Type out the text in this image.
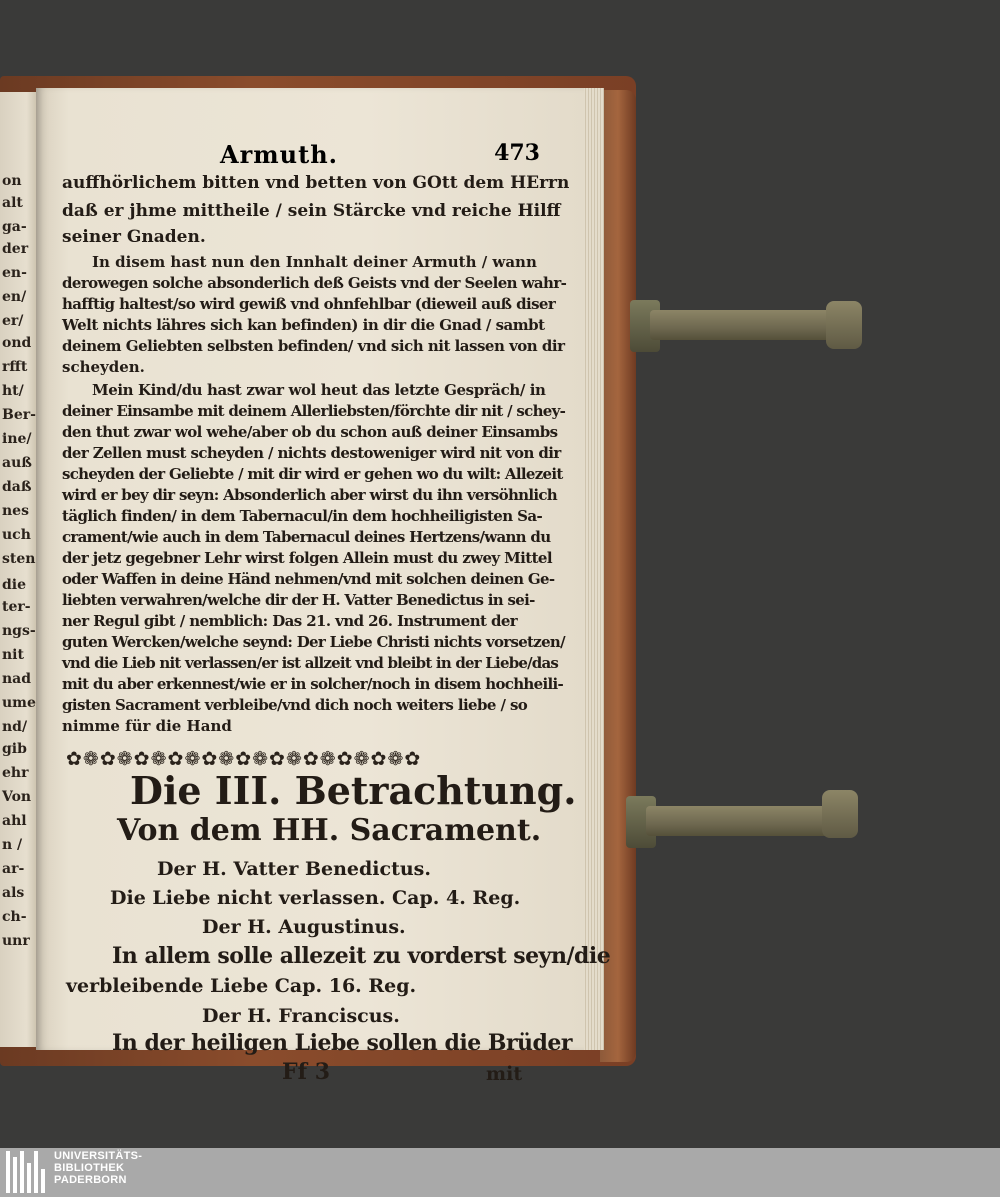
on
alt
ga-
der
en-
en/
er/
ond
rfft
ht/
Ber-
ine/
auß
daß
nes
uch
sten
die
ter-
ngs-
nit
nad
ume
nd/
gib
ehr
Von
ahl
n /
ar-
als
ch-
unr
Armuth.	473
auffhörlichem bitten vnd betten von GOtt dem HErrn
daß er jhme mittheile / sein Stärcke vnd reiche Hilff
seiner Gnaden.
In disem hast nun den Innhalt deiner Armuth / wann
derowegen solche absonderlich deß Geists vnd der Seelen wahr-
hafftig haltest/so wird gewiß vnd ohnfehlbar (dieweil auß diser
Welt nichts lähres sich kan befinden) in dir die Gnad / sambt
deinem Geliebten selbsten befinden/ vnd sich nit lassen von dir
scheyden.
Mein Kind/du hast zwar wol heut das letzte Gespräch/ in
deiner Einsambe mit deinem Allerliebsten/förchte dir nit / schey-
den thut zwar wol wehe/aber ob du schon auß deiner Einsambs
der Zellen must scheyden / nichts destoweniger wird nit von dir
scheyden der Geliebte / mit dir wird er gehen wo du wilt: Allezeit
wird er bey dir seyn: Absonderlich aber wirst du ihn versöhnlich
täglich finden/ in dem Tabernacul/in dem hochheiligisten Sa-
crament/wie auch in dem Tabernacul deines Hertzens/wann du
der jetz gegebner Lehr wirst folgen Allein must du zwey Mittel
oder Waffen in deine Händ nehmen/vnd mit solchen deinen Ge-
liebten verwahren/welche dir der H. Vatter Benedictus in sei-
ner Regul gibt / nemblich: Das 21. vnd 26. Instrument der
guten Wercken/welche seynd: Der Liebe Christi nichts vorsetzen/
vnd die Lieb nit verlassen/er ist allzeit vnd bleibt in der Liebe/das
mit du aber erkennest/wie er in solcher/noch in disem hochheili-
gisten Sacrament verbleibe/vnd dich noch weiters liebe / so
nimme für die Hand
✿❁✿❁✿❁✿❁✿❁✿❁✿❁✿❁✿❁✿❁✿
Die III. Betrachtung.
Von dem HH. Sacrament.
Der H. Vatter Benedictus.
Die Liebe nicht verlassen. Cap. 4. Reg.
Der H. Augustinus.
In allem solle allezeit zu vorderst seyn/die
verbleibende Liebe Cap. 16. Reg.
Der H. Franciscus.
In der heiligen Liebe sollen die Brüder
Ff 3	mit
UNIVERSITÄTS-
BIBLIOTHEK
PADERBORN
